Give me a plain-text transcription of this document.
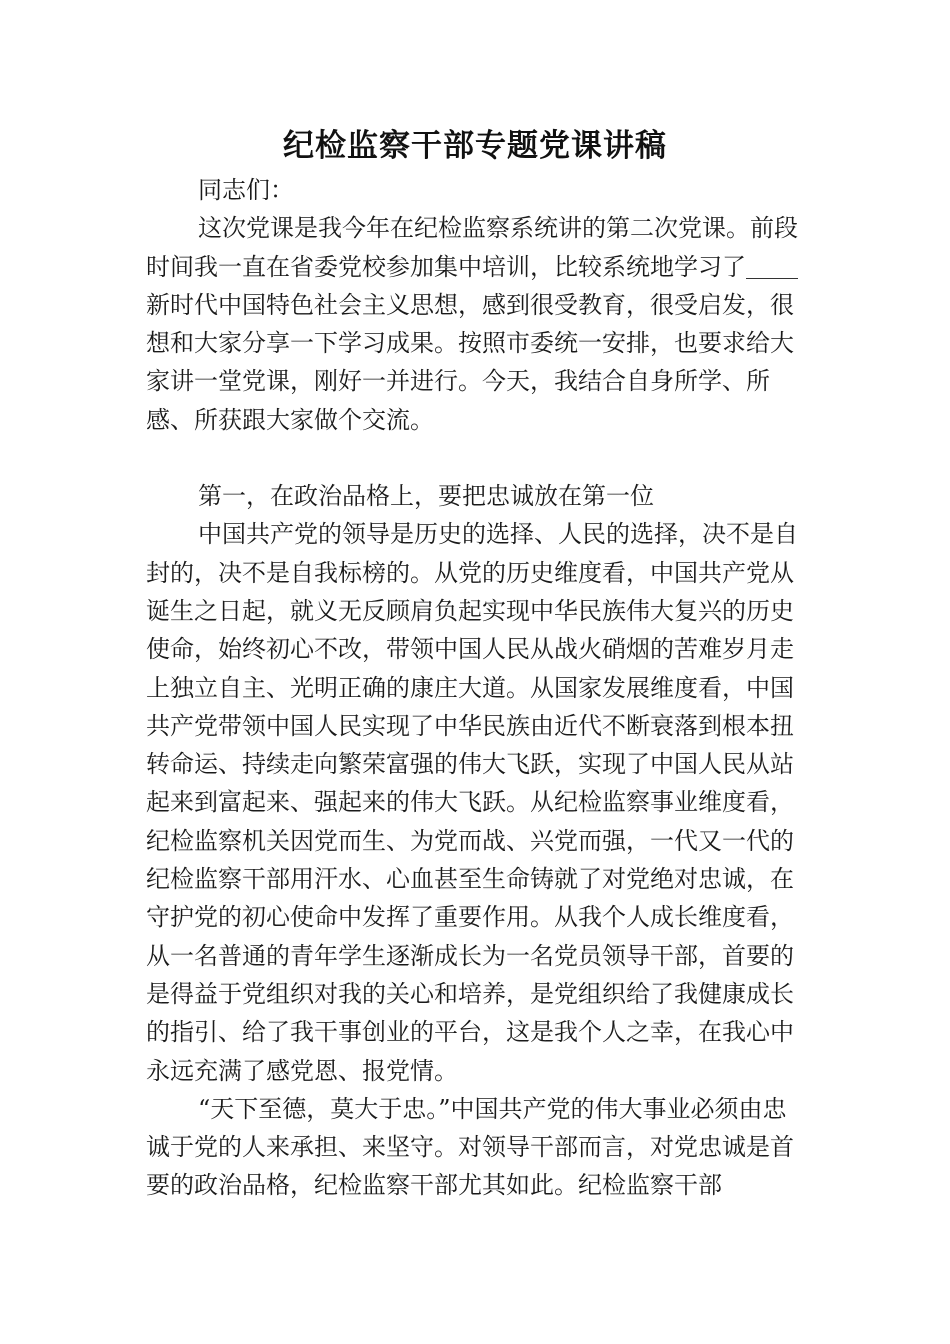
纪检监察干部专题党课讲稿

同志们：

这次党课是我今年在纪检监察系统讲的第二次党课。前段时间我一直在省委党校参加集中培训，比较系统地学习了新时代中国特色社会主义思想，感到很受教育，很受启发，很想和大家分享一下学习成果。按照市委统一安排，也要求给大家讲一堂党课，刚好一并进行。今天，我结合自身所学、所感、所获跟大家做个交流。

第一，在政治品格上，要把忠诚放在第一位

中国共产党的领导是历史的选择、人民的选择，决不是自封的，决不是自我标榜的。从党的历史维度看，中国共产党从诞生之日起，就义无反顾肩负起实现中华民族伟大复兴的历史使命，始终初心不改，带领中国人民从战火硝烟的苦难岁月走上独立自主、光明正确的康庄大道。从国家发展维度看，中国共产党带领中国人民实现了中华民族由近代不断衰落到根本扭转命运、持续走向繁荣富强的伟大飞跃，实现了中国人民从站起来到富起来、强起来的伟大飞跃。从纪检监察事业维度看，纪检监察机关因党而生、为党而战、兴党而强，一代又一代的纪检监察干部用汗水、心血甚至生命铸就了对党绝对忠诚，在守护党的初心使命中发挥了重要作用。从我个人成长维度看，从一名普通的青年学生逐渐成长为一名党员领导干部，首要的是得益于党组织对我的关心和培养，是党组织给了我健康成长的指引、给了我干事创业的平台，这是我个人之幸，在我心中永远充满了感党恩、报党情。

“天下至德，莫大于忠。”中国共产党的伟大事业必须由忠诚于党的人来承担、来坚守。对领导干部而言，对党忠诚是首要的政治品格，纪检监察干部尤其如此。纪检监察干部
